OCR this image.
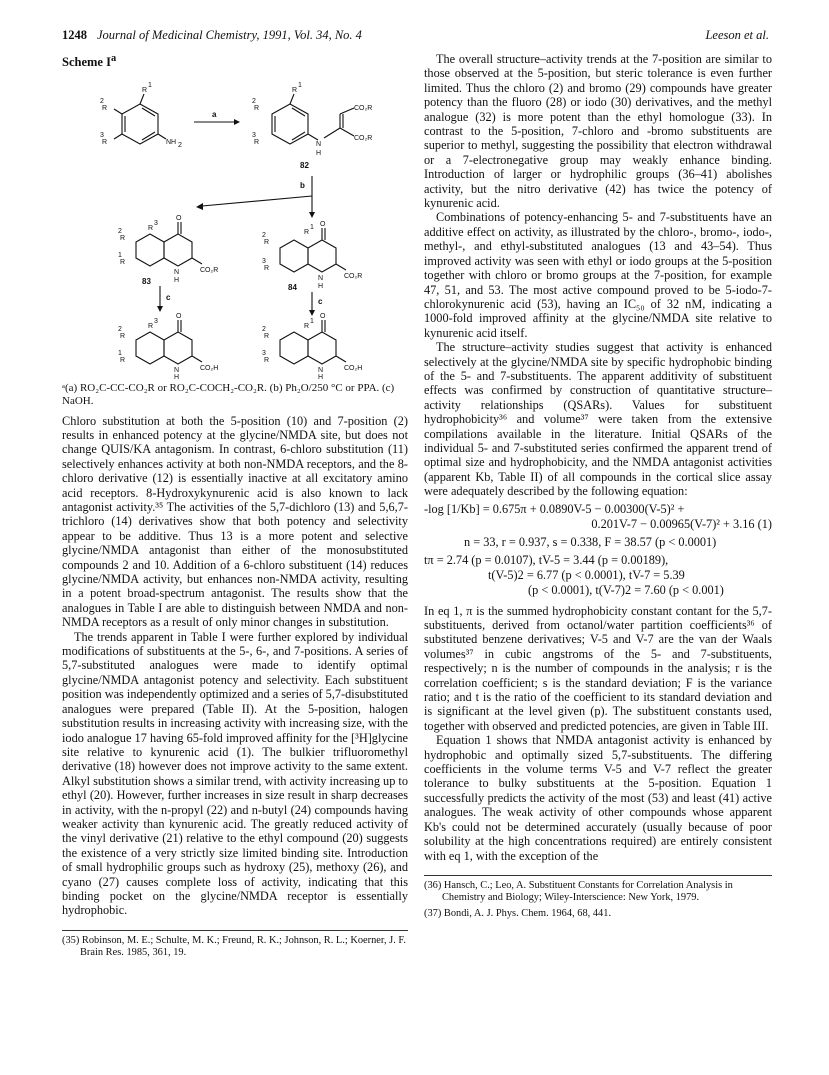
1248 Journal of Medicinal Chemistry, 1991, Vol. 34, No. 4	Leeson et al.
Scheme $I^a$
R
1
R
2
R
3
NH 2
a
R
1
R
2
R
3
N
H
CO₂R
CO₂R
82
b
O
R
3
R
2
R
1
N
H
CO₂R
83
O
R
1
R
2
R
3
N
H
CO₂R
84
c	c
O
R
3
R
2
R
1
N
H
CO₂H
O
R
1
R
2
R
3
N
H
CO₂H
ᵃ(a) RO₂C-CC-CO₂R or RO₂C-COCH₂-CO₂R. (b) Ph₂O/250 °C or PPA. (c) NaOH.

Chloro substitution at both the 5-position (10) and 7-position (2) results in enhanced potency at the glycine/NMDA site, but does not change QUIS/KA antagonism. In contrast, 6-chloro substitution (11) selectively enhances activity at both non-NMDA receptors, and the 8-chloro derivative (12) is essentially inactive at all excitatory amino acid receptors. 8-Hydroxykynurenic acid is also known to lack antagonist activity.³⁵ The activities of the 5,7-dichloro (13) and 5,6,7-trichloro (14) derivatives show that both potency and selectivity appear to be additive. Thus 13 is a more potent and selective glycine/NMDA antagonist than either of the monosubstituted compounds 2 and 10. Addition of a 6-chloro substituent (14) reduces glycine/NMDA activity, but enhances non-NMDA activity, resulting in a potent broad-spectrum antagonist. The results show that the analogues in Table I are able to distinguish between NMDA and non-NMDA receptors as a result of only minor changes in substitution.

The trends apparent in Table I were further explored by individual modifications of substituents at the 5-, 6-, and 7-positions. A series of 5,7-substituted analogues were made to identify optimal glycine/NMDA antagonist potency and selectivity. Each substituent position was independently optimized and a series of 5,7-disubstituted analogues were prepared (Table II). At the 5-position, halogen substitution results in increasing activity with increasing size, with the iodo analogue 17 having 65-fold improved affinity for the [³H]glycine site relative to kynurenic acid (1). The bulkier trifluoromethyl derivative (18) however does not improve activity to the same extent. Alkyl substitution shows a similar trend, with activity increasing up to ethyl (20). However, further increases in size result in sharp decreases in activity, with the n-propyl (22) and n-butyl (24) compounds having weaker activity than kynurenic acid. The greatly reduced activity of the vinyl derivative (21) relative to the ethyl compound (20) suggests the existence of a very strictly size limited binding site. Introduction of small hydrophilic groups such as hydroxy (25), methoxy (26), and cyano (27) causes complete loss of activity, indicating that this binding pocket on the glycine/NMDA receptor is essentially hydrophobic.

(35) Robinson, M. E.; Schulte, M. K.; Freund, R. K.; Johnson, R. L.; Koerner, J. F. Brain Res. 1985, 361, 19.

The overall structure–activity trends at the 7-position are similar to those observed at the 5-position, but steric tolerance is even further limited. Thus the chloro (2) and bromo (29) compounds have greater potency than the fluoro (28) or iodo (30) derivatives, and the methyl analogue (32) is more potent than the ethyl homologue (33). In contrast to the 5-position, 7-chloro and -bromo substituents are superior to methyl, suggesting the possibility that electron withdrawal or a 7-electronegative group may weakly enhance binding. Introduction of larger or hydrophilic groups (36–41) abolishes activity, but the nitro derivative (42) has twice the potency of kynurenic acid.

Combinations of potency-enhancing 5- and 7-substituents have an additive effect on activity, as illustrated by the chloro-, bromo-, iodo-, methyl-, and ethyl-substituted analogues (13 and 43–54). Thus improved activity was seen with ethyl or iodo groups at the 5-position together with chloro or bromo groups at the 7-position, for example 47, 51, and 53. The most active compound proved to be 5-iodo-7-chlorokynurenic acid (53), having an IC₅₀ of 32 nM, indicating a 1000-fold improved affinity at the glycine/NMDA site relative to kynurenic acid itself.

The structure–activity studies suggest that activity is enhanced selectively at the glycine/NMDA site by specific hydrophobic binding of the 5- and 7-substituents. The apparent additivity of substituent effects was confirmed by construction of quantitative structure–activity relationships (QSARs). Values for substituent hydrophobicity³⁶ and volume³⁷ were taken from the extensive compilations available in the literature. Initial QSARs of the individual 5- and 7-substituted series confirmed the apparent trend of optimal size and hydrophobicity, and the NMDA antagonist activities (apparent Kb, Table II) of all compounds in the cortical slice assay were adequately described by the following equation:

-log [1/Kb] = 0.675π + 0.0890V-5 − 0.00300(V-5)² +
0.201V-7 − 0.00965(V-7)² + 3.16 (1)
n = 33, r = 0.937, s = 0.338, F = 38.57 (p < 0.0001)
tπ = 2.74 (p = 0.0107), tV-5 = 3.44 (p = 0.00189),
t(V-5)2 = 6.77 (p < 0.0001), tV-7 = 5.39
(p < 0.0001), t(V-7)2 = 7.60 (p < 0.001)

In eq 1, π is the summed hydrophobicity constant contant for the 5,7-substituents, derived from octanol/water partition coefficients³⁶ of substituted benzene derivatives; V-5 and V-7 are the van der Waals volumes³⁷ in cubic angstroms of the 5- and 7-substituents, respectively; n is the number of compounds in the analysis; r is the correlation coefficient; s is the standard deviation; F is the variance ratio; and t is the ratio of the coefficient to its standard deviation and is significant at the level given (p). The substituent constants used, together with observed and predicted potencies, are given in Table III.

Equation 1 shows that NMDA antagonist activity is enhanced by hydrophobic and optimally sized 5,7-substituents. The differing coefficients in the volume terms V-5 and V-7 reflect the greater tolerance to bulky substituents at the 5-position. Equation 1 successfully predicts the activity of the most (53) and least (41) active analogues. The weak activity of other compounds whose apparent Kb's could not be determined accurately (usually because of poor solubility at the high concentrations required) are entirely consistent with eq 1, with the exception of the

(36) Hansch, C.; Leo, A. Substituent Constants for Correlation Analysis in Chemistry and Biology; Wiley-Interscience: New York, 1979.
(37) Bondi, A. J. Phys. Chem. 1964, 68, 441.
